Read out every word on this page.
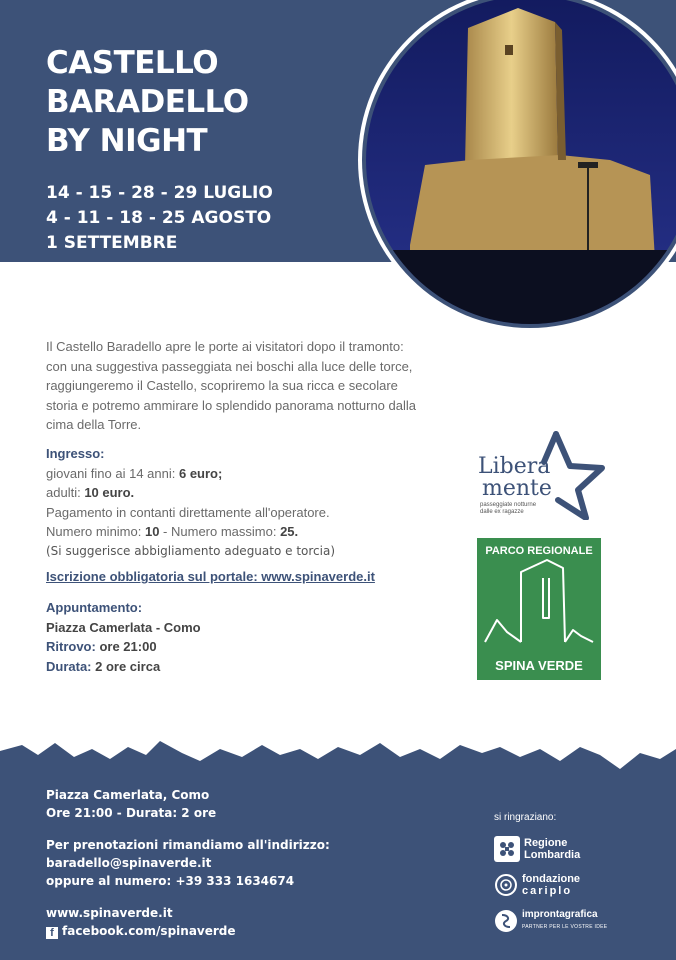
CASTELLO
BARADELLO
BY NIGHT
14 - 15 - 28 - 29 LUGLIO
4 - 11 - 18 - 25 AGOSTO
1 SETTEMBRE

Il Castello Baradello apre le porte ai visitatori dopo il tramonto: con una suggestiva passeggiata nei boschi alla luce delle torce, raggiungeremo il Castello, scopriremo la sua ricca e secolare storia e potremo ammirare lo splendido panorama notturno dalla cima della Torre.

Ingresso:
giovani fino ai 14 anni: 6 euro;
adulti: 10 euro.
Pagamento in contanti direttamente all'operatore.
Numero minimo: 10 - Numero massimo: 25.
(Si suggerisce abbigliamento adeguato e torcia)
Iscrizione obbligatoria sul portale: www.spinaverde.it
Appuntamento:
Piazza Camerlata - Como
Ritrovo: ore 21:00
Durata: 2 ore circa
Libera
mente
passeggiate notturne dalle ex ragazze
PARCO REGIONALE
SPINA VERDE
Piazza Camerlata, Como
Ore 21:00 - Durata: 2 ore
Per prenotazioni rimandiamo all'indirizzo:
baradello@spinaverde.it
oppure al numero: +39 333 1634674
www.spinaverde.it
f facebook.com/spinaverde
si ringraziano:
Regione
Lombardia
fondazione
cariplo
improntagrafica
PARTNER PER LE VOSTRE IDEE
